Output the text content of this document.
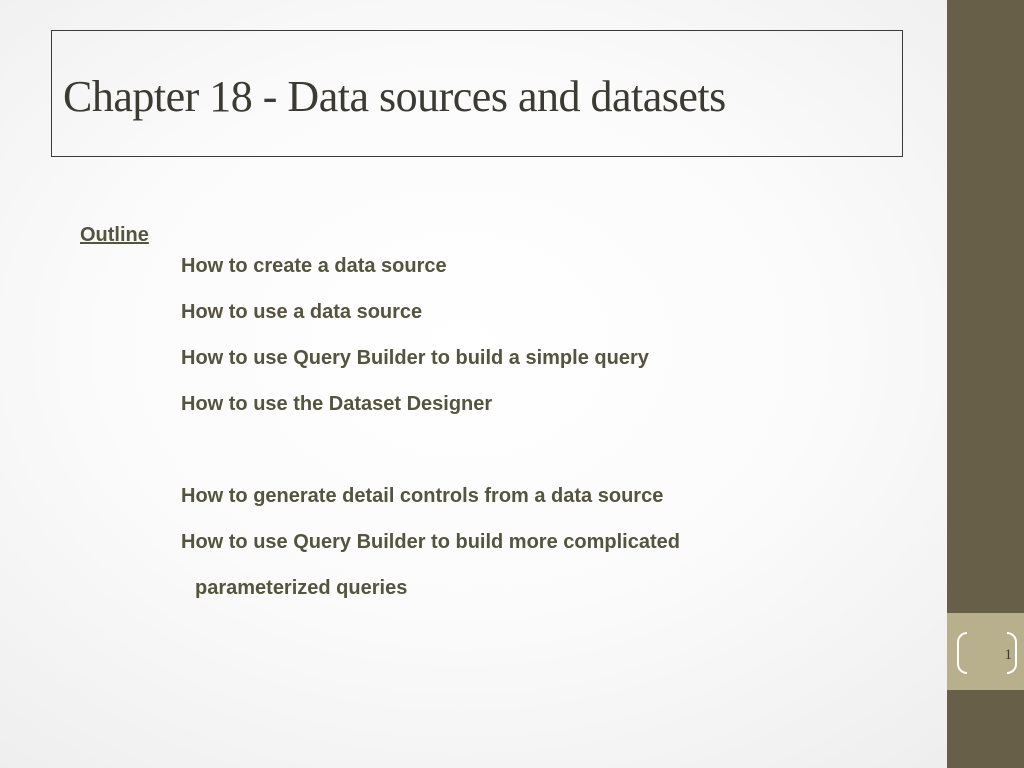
Chapter 18 - Data sources and datasets
Outline
How to create a data source
How to use a data source
How to use Query Builder to build a simple query
How to use the Dataset Designer
How to generate detail controls from a data source
How to use Query Builder to build more complicated
parameterized queries
1
